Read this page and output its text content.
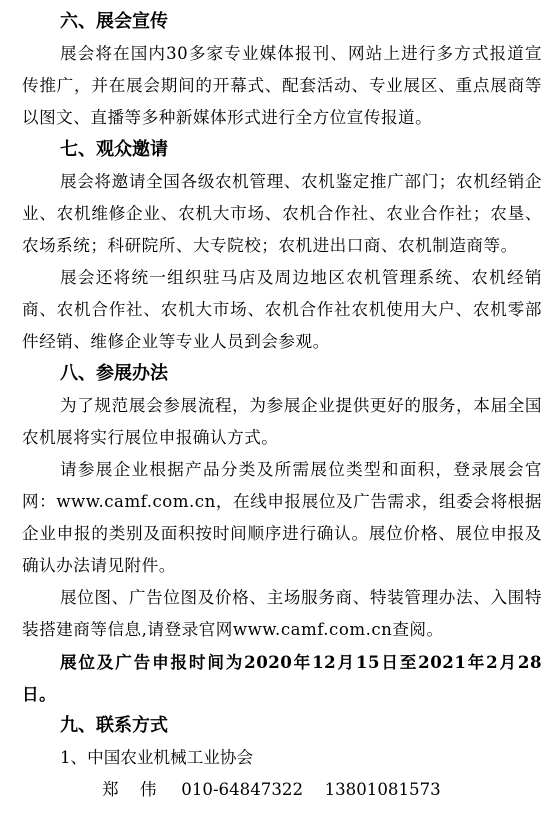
六、展会宣传

展会将在国内30多家专业媒体报刊、网站上进行多方式报道宣传推广，并在展会期间的开幕式、配套活动、专业展区、重点展商等以图文、直播等多种新媒体形式进行全方位宣传报道。

七、观众邀请

展会将邀请全国各级农机管理、农机鉴定推广部门；农机经销企业、农机维修企业、农机大市场、农机合作社、农业合作社；农垦、农场系统；科研院所、大专院校；农机进出口商、农机制造商等。

展会还将统一组织驻马店及周边地区农机管理系统、农机经销商、农机合作社、农机大市场、农机合作社农机使用大户、农机零部件经销、维修企业等专业人员到会参观。

八、参展办法

为了规范展会参展流程，为参展企业提供更好的服务，本届全国农机展将实行展位申报确认方式。

请参展企业根据产品分类及所需展位类型和面积，登录展会官网：www.camf.com.cn，在线申报展位及广告需求，组委会将根据企业申报的类别及面积按时间顺序进行确认。展位价格、展位申报及确认办法请见附件。

展位图、广告位图及价格、主场服务商、特装管理办法、入围特装搭建商等信息,请登录官网www.camf.com.cn查阅。

展位及广告申报时间为2020年12月15日至2021年2月28日。

九、联系方式
1、中国农业机械工业协会
郑 伟 010-64847322 13801081573
